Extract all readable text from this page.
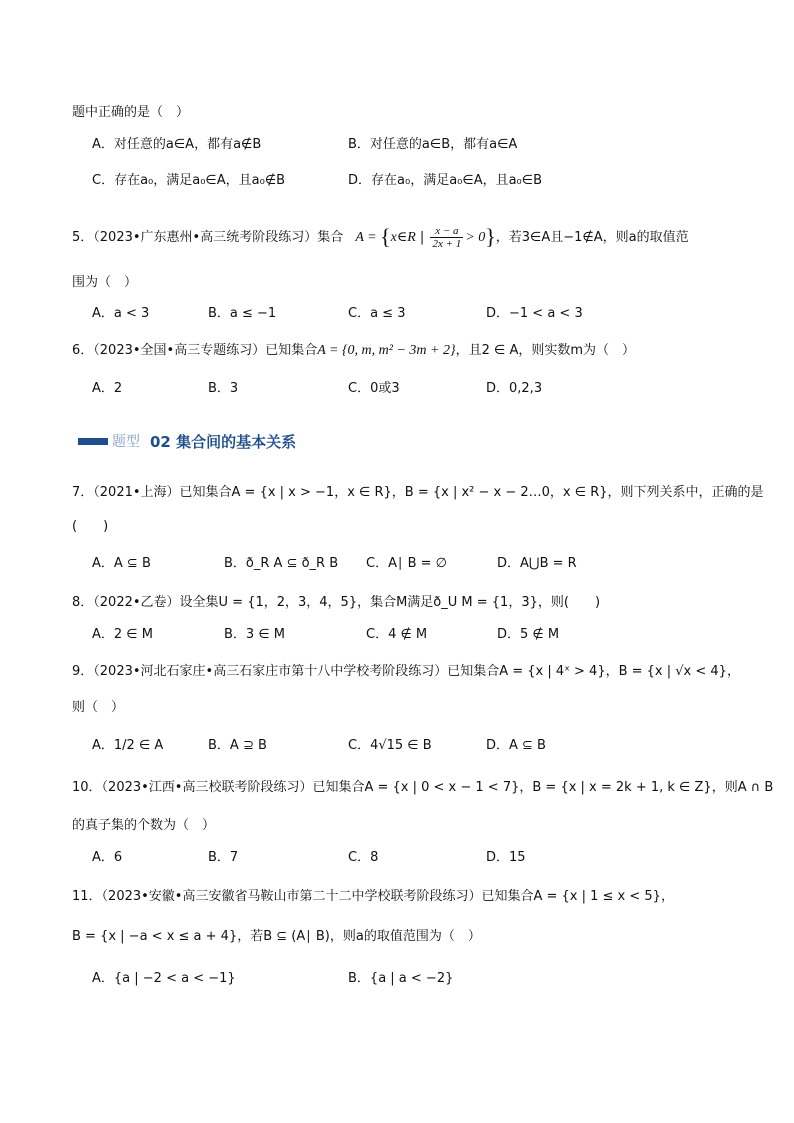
题中正确的是（　）
A．对任意的a∈A，都有a∉B	B．对任意的a∈B，都有a∈A
C．存在a₀，满足a₀∈A，且a₀∉B	D．存在a₀，满足a₀∈A，且a₀∈B
5．（2023•广东惠州•高三统考阶段练习）集合 A = {x∈R | $\frac{x - a}{2x + 1} > 0$}，若3∈A且−1∉A，则a的取值范
围为（　）
A．a < 3	B．a ≤ −1	C．a ≤ 3	D．−1 < a < 3
6．（2023•全国•高三专题练习）已知集合A = {0, m, m² − 3m + 2}，且2 ∈ A，则实数m为（　）
A．2	B．3	C．0或3	D．0,2,3
题型 02 集合间的基本关系
7．（2021•上海）已知集合A = {x | x > −1，x ∈ R}，B = {x | x² − x − 2…0，x ∈ R}，则下列关系中，正确的是
(　　)
A．A ⊆ B	B．ð_R A ⊆ ð_R B C．A∣ B = ∅	D．A⋃B = R
8．（2022•乙卷）设全集U = {1，2，3，4，5}，集合M满足ð_U M = {1，3}，则(　　)
A．2 ∈ M	B．3 ∈ M	C．4 ∉ M	D．5 ∉ M
9．（2023•河北石家庄•高三石家庄市第十八中学校考阶段练习）已知集合A = {x | 4ˣ > 4}，B = {x | √x < 4}，
则（　）
A．1/2 ∈ A	B．A ⊇ B	C．4√15 ∈ B	D．A ⊆ B
10．（2023•江西•高三校联考阶段练习）已知集合A = {x | 0 < x − 1 < 7}，B = {x | x = 2k + 1, k ∈ Z}，则A ∩ B
的真子集的个数为（　）
A．6	B．7	C．8	D．15
11．（2023•安徽•高三安徽省马鞍山市第二十二中学校联考阶段练习）已知集合A = {x | 1 ≤ x < 5}，
B = {x | −a < x ≤ a + 4}，若B ⊆ (A∣ B)，则a的取值范围为（　）
A．{a | −2 < a < −1}	B．{a | a < −2}
